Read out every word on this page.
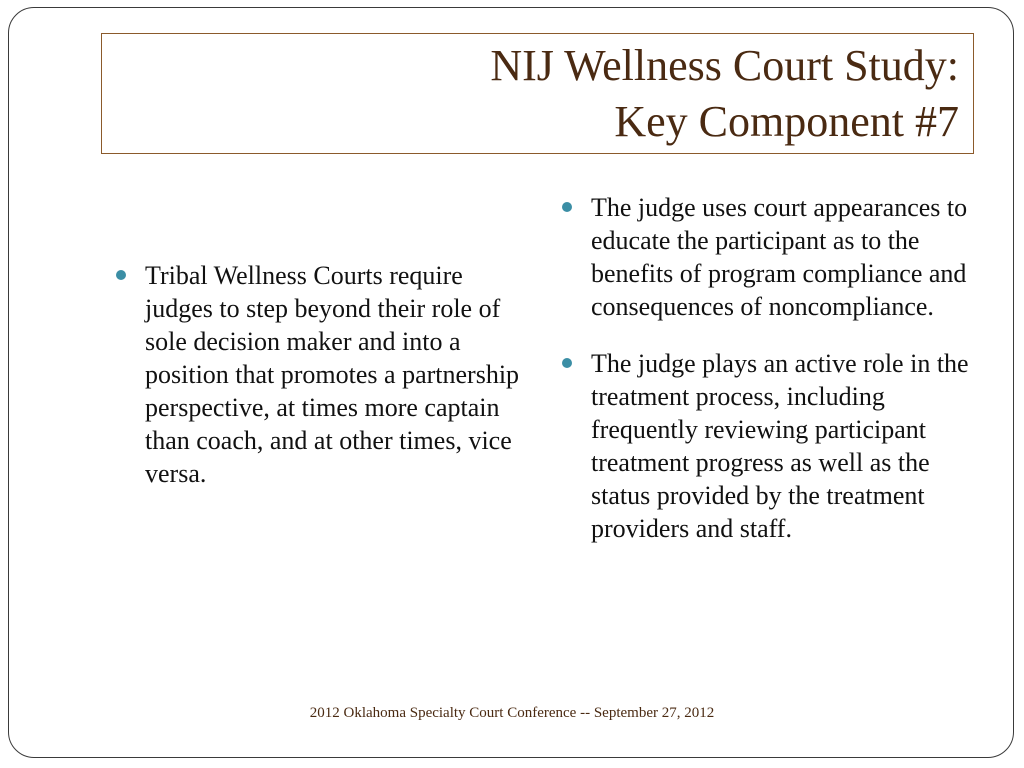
NIJ Wellness Court Study:
Key Component #7
Tribal Wellness Courts require judges to step beyond their role of sole decision maker and into a position that promotes a partnership perspective, at times more captain than coach, and at other times, vice versa.
The judge uses court appearances to educate the participant as to the benefits of program compliance and consequences of noncompliance.
The judge plays an active role in the treatment process, including frequently reviewing participant treatment progress as well as the status provided by the treatment providers and staff.
2012 Oklahoma Specialty Court Conference -- September 27, 2012
